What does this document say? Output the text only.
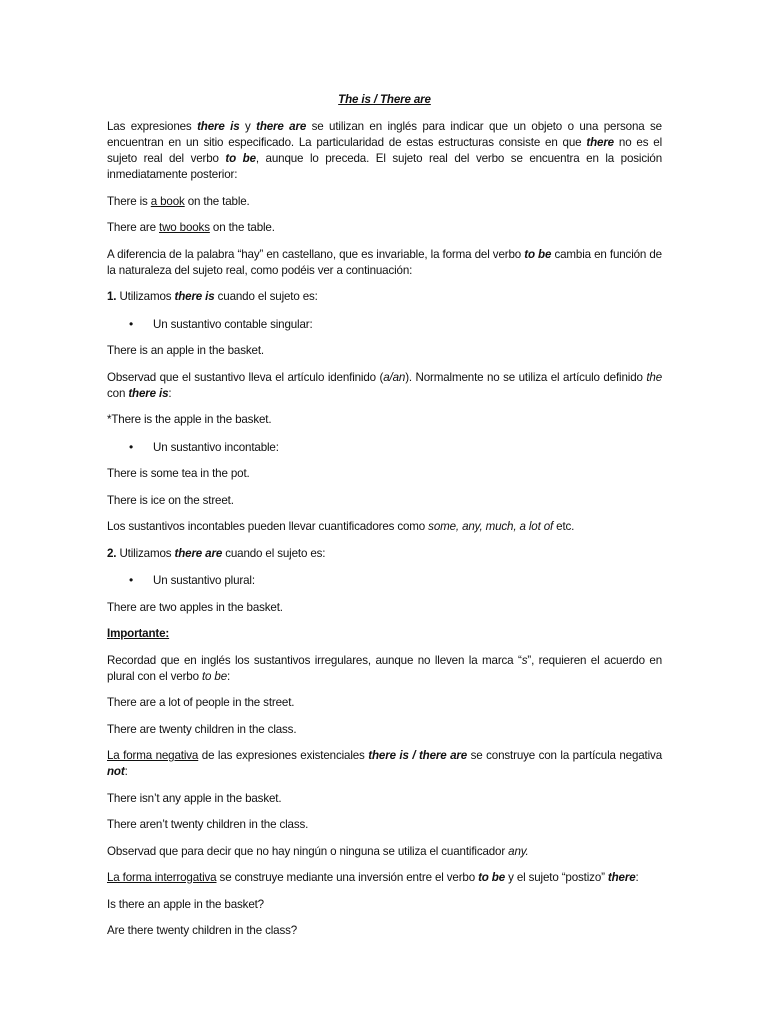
The is / There are

Las expresiones there is y there are se utilizan en inglés para indicar que un objeto o una persona se encuentran en un sitio especificado. La particularidad de estas estructuras consiste en que there no es el sujeto real del verbo to be, aunque lo preceda. El sujeto real del verbo se encuentra en la posición inmediatamente posterior:

There is a book on the table.

There are two books on the table.

A diferencia de la palabra “hay” en castellano, que es invariable, la forma del verbo to be cambia en función de la naturaleza del sujeto real, como podéis ver a continuación:

1. Utilizamos there is cuando el sujeto es:

•	Un sustantivo contable singular:

There is an apple in the basket.

Observad que el sustantivo lleva el artículo idenfinido (a/an). Normalmente no se utiliza el artículo definido the con there is:

*There is the apple in the basket.

•	Un sustantivo incontable:

There is some tea in the pot.

There is ice on the street.

Los sustantivos incontables pueden llevar cuantificadores como some, any, much, a lot of etc.

2. Utilizamos there are cuando el sujeto es:

•	Un sustantivo plural:

There are two apples in the basket.

Importante:

Recordad que en inglés los sustantivos irregulares, aunque no lleven la marca “s”, requieren el acuerdo en plural con el verbo to be:

There are a lot of people in the street.

There are twenty children in the class.

La forma negativa de las expresiones existenciales there is / there are se construye con la partícula negativa not:

There isn’t any apple in the basket.

There aren’t twenty children in the class.

Observad que para decir que no hay ningún o ninguna se utiliza el cuantificador any.

La forma interrogativa se construye mediante una inversión entre el verbo to be y el sujeto “postizo” there:

Is there an apple in the basket?

Are there twenty children in the class?
